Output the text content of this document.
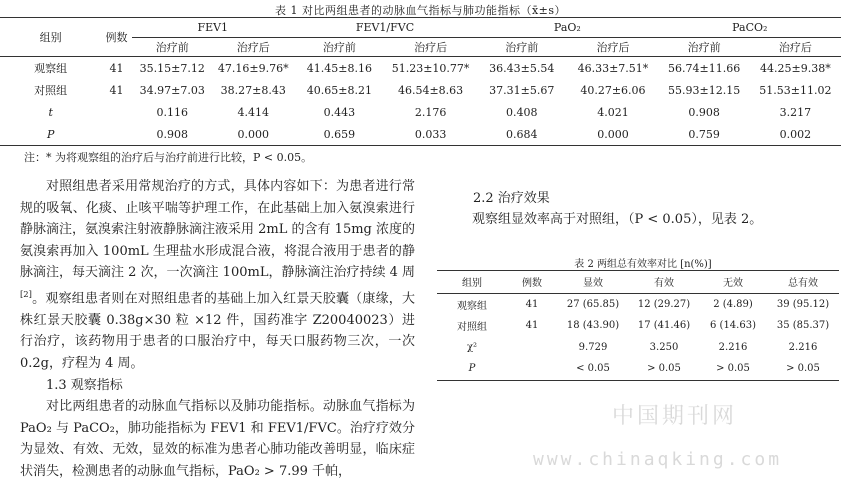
表 1 对比两组患者的动脉血气指标与肺功能指标（x̄±s）
	组别	例数	FEV1		FEV1/FVC		PaO₂		PaCO₂	
		治疗前	治疗后	治疗前	治疗后	治疗前	治疗后	治疗前	治疗后
	观察组	41	35.15±7.12	47.16±9.76*	41.45±8.16	51.23±10.77*	36.43±5.54	46.33±7.51*	56.74±11.66	44.25±9.38*
	对照组	41	34.97±7.03	38.27±8.43	40.65±8.21	46.54±8.63	37.31±5.67	40.27±6.06	55.93±12.15	51.53±11.02
	t		0.116	4.414	0.443	2.176	0.408	4.021	0.908	3.217
	P		0.908	0.000	0.659	0.033	0.684	0.000	0.759	0.002
注：* 为将观察组的治疗后与治疗前进行比较，P < 0.05。

对照组患者采用常规治疗的方式，具体内容如下：为患者进行常规的吸氧、化痰、止咳平喘等护理工作，在此基础上加入氨溴索进行静脉滴注，氨溴索注射液静脉滴注液采用 2mL 的含有 15mg 浓度的氨溴索再加入 100mL 生理盐水形成混合液，将混合液用于患者的静脉滴注，每天滴注 2 次，一次滴注 100mL，静脉滴注治疗持续 4 周[2]。观察组患者则在对照组患者的基础上加入红景天胶囊（康缘，大株红景天胶囊 0.38g×30 粒 ×12 件，国药准字 Z20040023）进行治疗，该药物用于患者的口服治疗中，每天口服药物三次，一次 0.2g，疗程为 4 周。

1.3 观察指标

对比两组患者的动脉血气指标以及肺功能指标。动脉血气指标为 PaO₂ 与 PaCO₂，肺功能指标为 FEV1 和 FEV1/FVC。治疗疗效分为显效、有效、无效，显效的标准为患者心肺功能改善明显，临床症状消失，检测患者的动脉血气指标，PaO₂ > 7.99 千帕，

2.2 治疗效果
观察组显效率高于对照组，（P < 0.05），见表 2。
表 2 两组总有效率对比 [n(%)]
组别	例数	显效	有效	无效	总有效
观察组	41	27 (65.85)	12 (29.27)	2 (4.89)	39 (95.12)
对照组	41	18 (43.90)	17 (41.46)	6 (14.63)	35 (85.37)
χ²		9.729	3.250	2.216	2.216
P		< 0.05	> 0.05	> 0.05	> 0.05
中国期刊网
www.chinaqking.com
